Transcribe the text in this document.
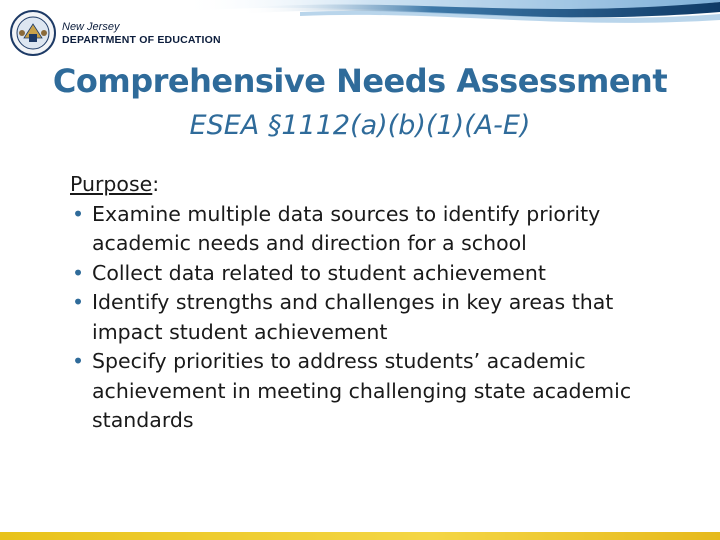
New Jersey
DEPARTMENT OF EDUCATION
Comprehensive Needs Assessment
ESEA §1112(a)(b)(1)(A-E)
Purpose:
• Examine multiple data sources to identify priority academic needs and direction for a school
• Collect data related to student achievement
• Identify strengths and challenges in key areas that impact student achievement
• Specify priorities to address students’ academic achievement in meeting challenging state academic standards
